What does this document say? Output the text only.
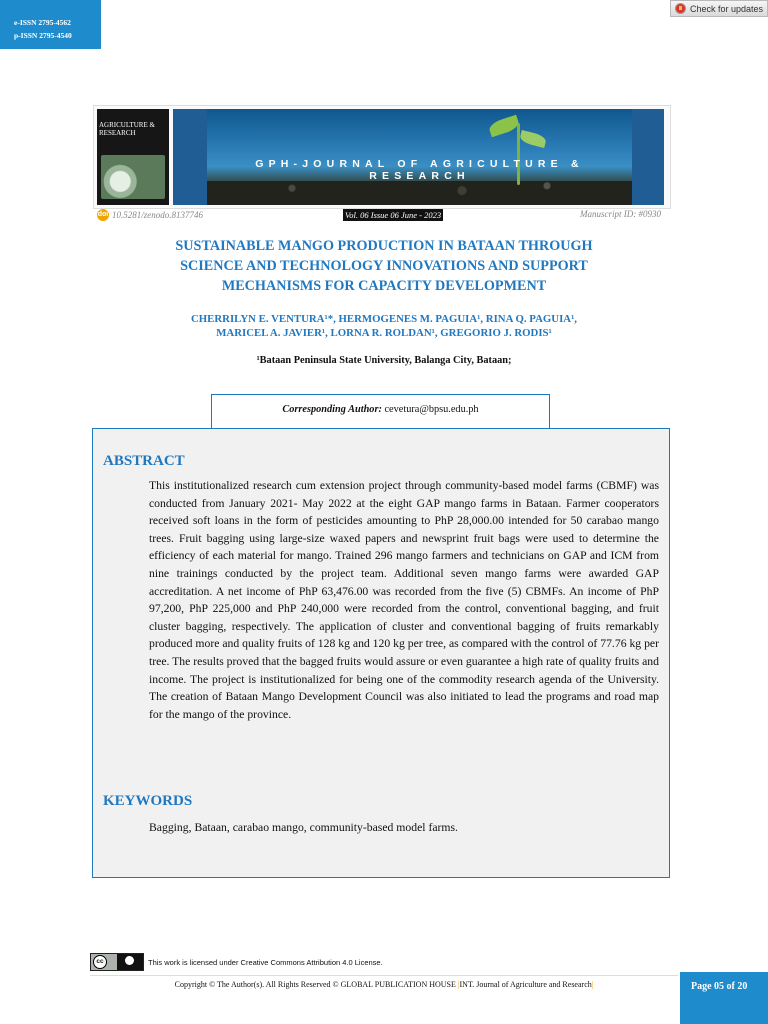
e-ISSN 2795-4562
p-ISSN 2795-4540
Check for updates
AGRICULTURE & RESEARCH
GPH-JOURNAL OF AGRICULTURE & RESEARCH
doi 10.5281/zenodo.8137746	Vol. 06 Issue 06 June - 2023	Manuscript ID: #0930
SUSTAINABLE MANGO PRODUCTION IN BATAAN THROUGH
SCIENCE AND TECHNOLOGY INNOVATIONS AND SUPPORT
MECHANISMS FOR CAPACITY DEVELOPMENT
CHERRILYN E. VENTURA¹*, HERMOGENES M. PAGUIA¹, RINA Q. PAGUIA¹,
MARICEL A. JAVIER¹, LORNA R. ROLDAN¹, GREGORIO J. RODIS¹
¹Bataan Peninsula State University, Balanga City, Bataan;
Corresponding Author: cevetura@bpsu.edu.ph
ABSTRACT

This institutionalized research cum extension project through community-based model farms (CBMF) was conducted from January 2021- May 2022 at the eight GAP mango farms in Bataan. Farmer cooperators received soft loans in the form of pesticides amounting to PhP 28,000.00 intended for 50 carabao mango trees. Fruit bagging using large-size waxed papers and newsprint fruit bags were used to determine the efficiency of each material for mango. Trained 296 mango farmers and technicians on GAP and ICM from nine trainings conducted by the project team. Additional seven mango farms were awarded GAP accreditation. A net income of PhP 63,476.00 was recorded from the five (5) CBMFs. An income of PhP 97,200, PhP 225,000 and PhP 240,000 were recorded from the control, conventional bagging, and fruit cluster bagging, respectively. The application of cluster and conventional bagging of fruits remarkably produced more and quality fruits of 128 kg and 120 kg per tree, as compared with the control of 77.76 kg per tree. The results proved that the bagged fruits would assure or even guarantee a high rate of quality fruits and income. The project is institutionalized for being one of the commodity research agenda of the University. The creation of Bataan Mango Development Council was also initiated to lead the programs and road map for the mango of the province.

KEYWORDS

Bagging, Bataan, carabao mango, community-based model farms.

cc	This work is licensed under Creative Commons Attribution 4.0 License.
Copyright © The Author(s). All Rights Reserved © GLOBAL PUBLICATION HOUSE |INT. Journal of Agriculture and Research|	Page 05 of 20
